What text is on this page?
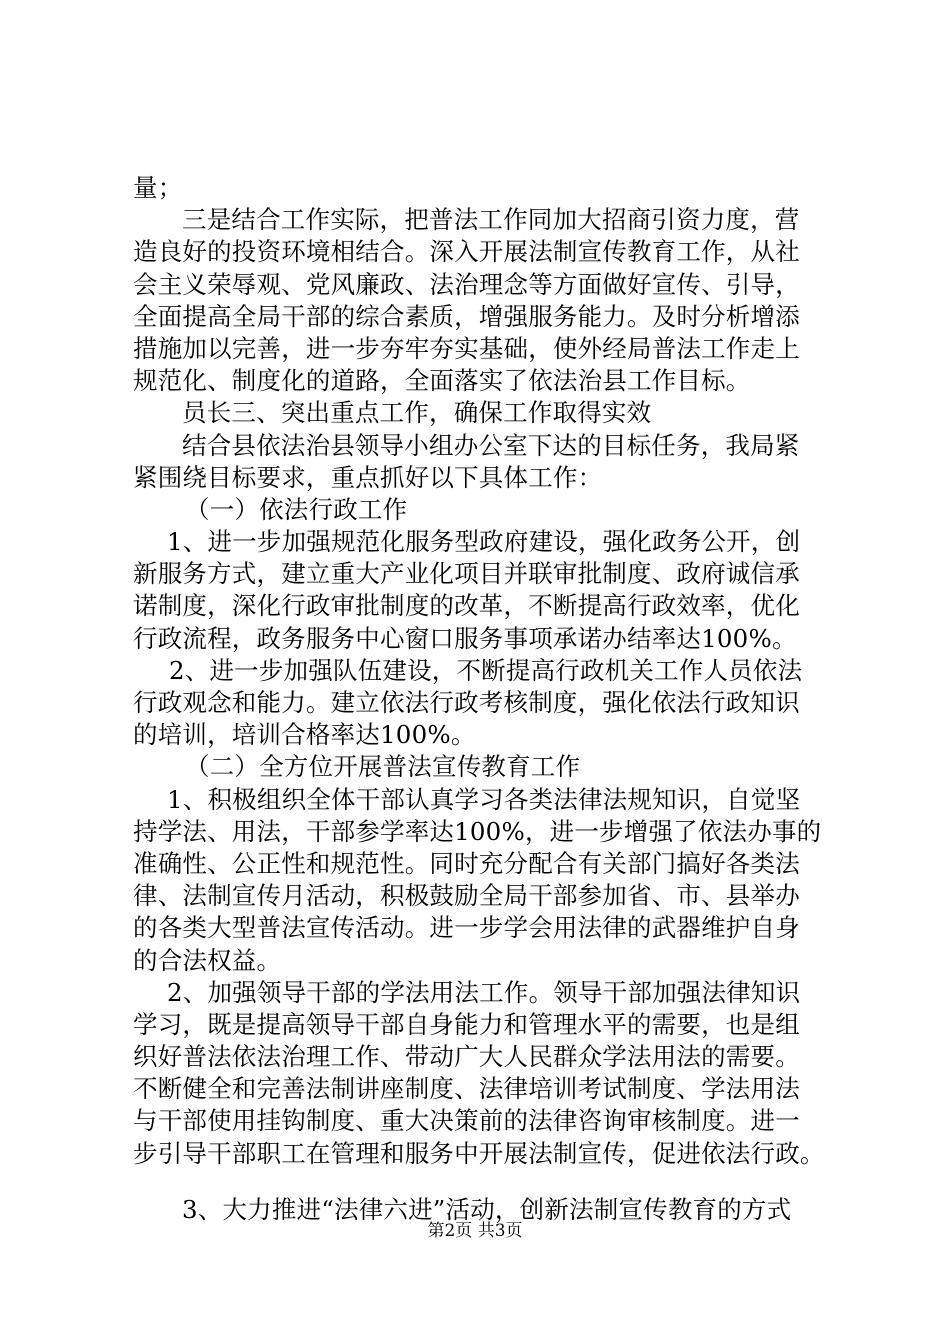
量；
三是结合工作实际，把普法工作同加大招商引资力度，营
造良好的投资环境相结合。深入开展法制宣传教育工作，从社
会主义荣辱观、党风廉政、法治理念等方面做好宣传、引导，
全面提高全局干部的综合素质，增强服务能力。及时分析增添
措施加以完善，进一步夯牢夯实基础，使外经局普法工作走上
规范化、制度化的道路，全面落实了依法治县工作目标。
员长三、突出重点工作，确保工作取得实效
结合县依法治县领导小组办公室下达的目标任务，我局紧
紧围绕目标要求，重点抓好以下具体工作：
（一）依法行政工作
1、进一步加强规范化服务型政府建设，强化政务公开，创
新服务方式，建立重大产业化项目并联审批制度、政府诚信承
诺制度，深化行政审批制度的改革，不断提高行政效率，优化
行政流程，政务服务中心窗口服务事项承诺办结率达100%。
2、进一步加强队伍建设，不断提高行政机关工作人员依法
行政观念和能力。建立依法行政考核制度，强化依法行政知识
的培训，培训合格率达100%。
（二）全方位开展普法宣传教育工作
1、积极组织全体干部认真学习各类法律法规知识，自觉坚
持学法、用法，干部参学率达100%，进一步增强了依法办事的
准确性、公正性和规范性。同时充分配合有关部门搞好各类法
律、法制宣传月活动，积极鼓励全局干部参加省、市、县举办
的各类大型普法宣传活动。进一步学会用法律的武器维护自身
的合法权益。
2、加强领导干部的学法用法工作。领导干部加强法律知识
学习，既是提高领导干部自身能力和管理水平的需要，也是组
织好普法依法治理工作、带动广大人民群众学法用法的需要。
不断健全和完善法制讲座制度、法律培训考试制度、学法用法
与干部使用挂钩制度、重大决策前的法律咨询审核制度。进一
步引导干部职工在管理和服务中开展法制宣传，促进依法行政。
3、大力推进“法律六进”活动，创新法制宣传教育的方式
第2页 共3页
